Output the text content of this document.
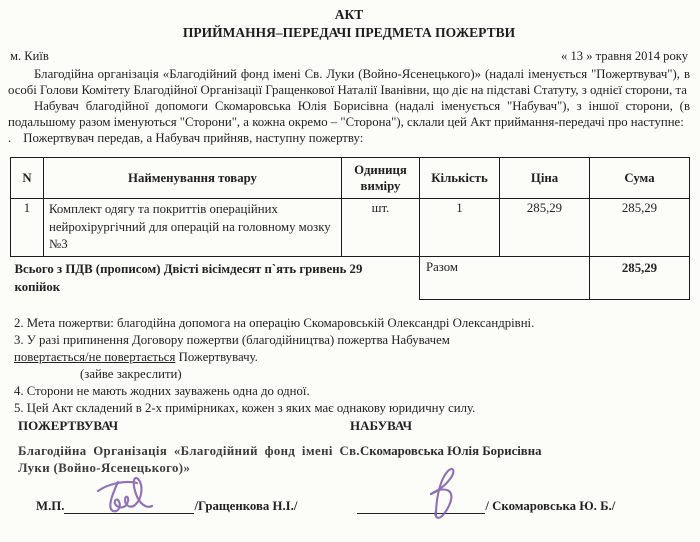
АКТ
ПРИЙМАННЯ–ПЕРЕДАЧІ ПРЕДМЕТА ПОЖЕРТВИ
м. Київ	« 13 » травня 2014 року

Благодійна організація «Благодійний фонд імені Св. Луки (Войно-Ясенецького)» (надалі іменується "Пожертвувач"), в особі Голови Комітету Благодійної Організації Гращенкової Наталії Іванівни, що діє на підставі Статуту, з однієї сторони, та

Набувач благодійної допомоги Скомаровська Юлія Борисівна (надалі іменується "Набувач"), з іншої сторони, (в подальшому разом іменуються "Сторони", а кожна окремо – "Сторона"), склали цей Акт приймання-передачі про наступне:

. Пожертвувач передав, а Набувач прийняв, наступну пожертву:
N	Найменування товару	Одиниця виміру	Кількість	Ціна	Сума
1	Комплект одягу та покриттів операційних нейрохірургічний для операцій на головному мозку №3	шт.	1	285,29	285,29
Всього з ПДВ (прописом) Двісті вісімдесят п`ять гривень 29 копійок			Разом		285,29
2. Мета пожертви: благодійна допомога на операцію Скомаровській Олександрі Олександрівні.
3. У разі припинення Договору пожертви (благодійництва) пожертва Набувачем
повертається/не повертається Пожертвувачу.
(зайве закреслити)
4. Сторони не мають жодних зауважень одна до одної.
5. Цей Акт складений в 2-х примірниках, кожен з яких має однакову юридичну силу.
ПОЖЕРТВУВАЧ	НАБУВАЧ
Благодійна Організація «Благодійний фонд імені Св. Луки (Войно-Ясенецького)»
Скомаровська Юлія Борисівна
М.П.	/Гращенкова Н.І./	/ Скомаровська Ю. Б./
